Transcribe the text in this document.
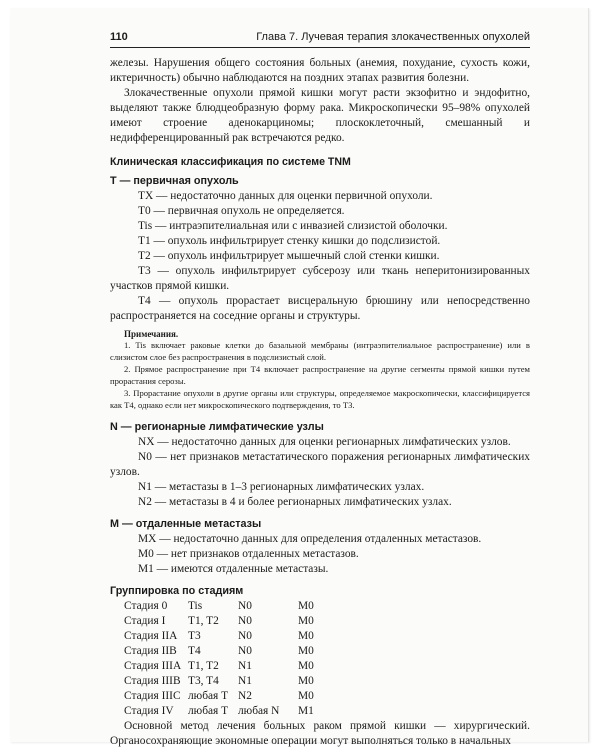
110	Глава 7. Лучевая терапия злокачественных опухолей

железы. Нарушения общего состояния больных (анемия, похудание, сухость кожи, иктеричность) обычно наблюдаются на поздних этапах развития болезни.

Злокачественные опухоли прямой кишки могут расти экзофитно и эндофитно, выделяют также блюдцеобразную форму рака. Микроскопически 95–98% опухолей имеют строение аденокарциномы; плоскоклеточный, смешанный и недифференцированный рак встречаются редко.

Клиническая классификация по системе TNM
T — первичная опухоль

TX — недостаточно данных для оценки первичной опухоли.

T0 — первичная опухоль не определяется.

Tis — интраэпителиальная или с инвазией слизистой оболочки.

T1 — опухоль инфильтрирует стенку кишки до подслизистой.

T2 — опухоль инфильтрирует мышечный слой стенки кишки.

T3 — опухоль инфильтрирует субсерозу или ткань неперитонизированных участков прямой кишки.

T4 — опухоль прорастает висцеральную брюшину или непосредственно распространяется на соседние органы и структуры.

Примечания.

1. Tis включает раковые клетки до базальной мембраны (интраэпителиальное распространение) или в слизистом слое без распространения в подслизистый слой.

2. Прямое распространение при T4 включает распространение на другие сегменты прямой кишки путем прорастания серозы.

3. Прорастание опухоли в другие органы или структуры, определяемое макроскопически, классифицируется как T4, однако если нет микроскопического подтверждения, то T3.

N — регионарные лимфатические узлы

NX — недостаточно данных для оценки регионарных лимфатических узлов.

N0 — нет признаков метастатического поражения регионарных лимфатических узлов.

N1 — метастазы в 1–3 регионарных лимфатических узлах.

N2 — метастазы в 4 и более регионарных лимфатических узлах.

M — отдаленные метастазы

MX — недостаточно данных для определения отдаленных метастазов.

M0 — нет признаков отдаленных метастазов.

M1 — имеются отдаленные метастазы.

Группировка по стадиям
Стадия 0	Tis	N0	M0
Стадия I	T1, T2	N0	M0
Стадия IIA	T3	N0	M0
Стадия IIB	T4	N0	M0
Стадия IIIA	T1, T2	N1	M0
Стадия IIIB	T3, T4	N1	M0
Стадия IIIC	любая T	N2	M0
Стадия IV	любая T	любая N	M1

Основной метод лечения больных раком прямой кишки — хирургический. Органосохраняющие экономные операции могут выполняться только в начальных
